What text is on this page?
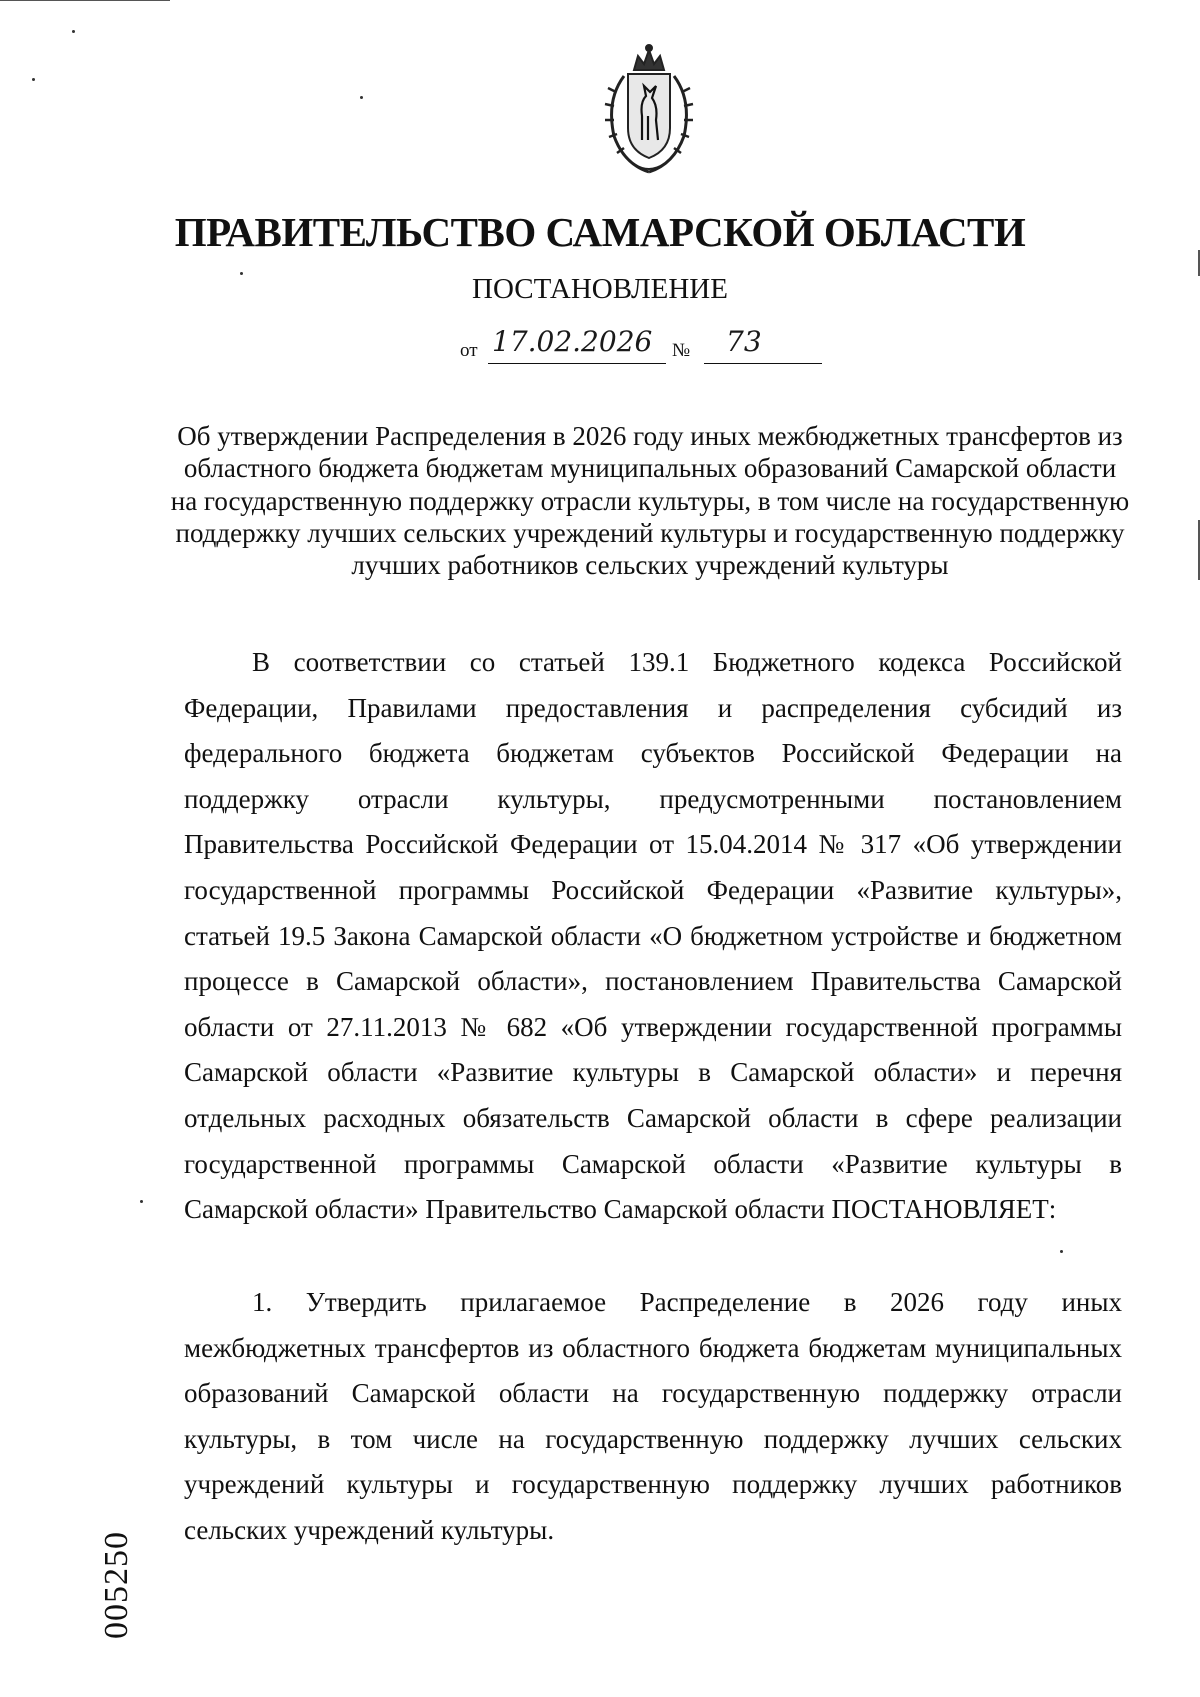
ПРАВИТЕЛЬСТВО САМАРСКОЙ ОБЛАСТИ
ПОСТАНОВЛЕНИЕ
от 17.02.2026 № 73
Об утверждении Распределения в 2026 году иных межбюджетных трансфертов из областного бюджета бюджетам муниципальных образований Самарской области на государственную поддержку отрасли культуры, в том числе на государственную поддержку лучших сельских учреждений культуры и государственную поддержку лучших работников сельских учреждений культуры

В соответствии со статьей 139.1 Бюджетного кодекса Российской Федерации, Правилами предоставления и распределения субсидий из федерального бюджета бюджетам субъектов Российской Федерации на поддержку отрасли культуры, предусмотренными постановлением Правительства Российской Федерации от 15.04.2014 № 317 «Об утверждении государственной программы Российской Федерации «Развитие культуры», статьей 19.5 Закона Самарской области «О бюджетном устройстве и бюджетном процессе в Самарской области», постановлением Правительства Самарской области от 27.11.2013 № 682 «Об утверждении государственной программы Самарской области «Развитие культуры в Самарской области» и перечня отдельных расходных обязательств Самарской области в сфере реализации государственной программы Самарской области «Развитие культуры в Самарской области» Правительство Самарской области ПОСТАНОВЛЯЕТ:

1. Утвердить прилагаемое Распределение в 2026 году иных межбюджетных трансфертов из областного бюджета бюджетам муниципальных образований Самарской области на государственную поддержку отрасли культуры, в том числе на государственную поддержку лучших сельских учреждений культуры и государственную поддержку лучших работников сельских учреждений культуры.

005250
